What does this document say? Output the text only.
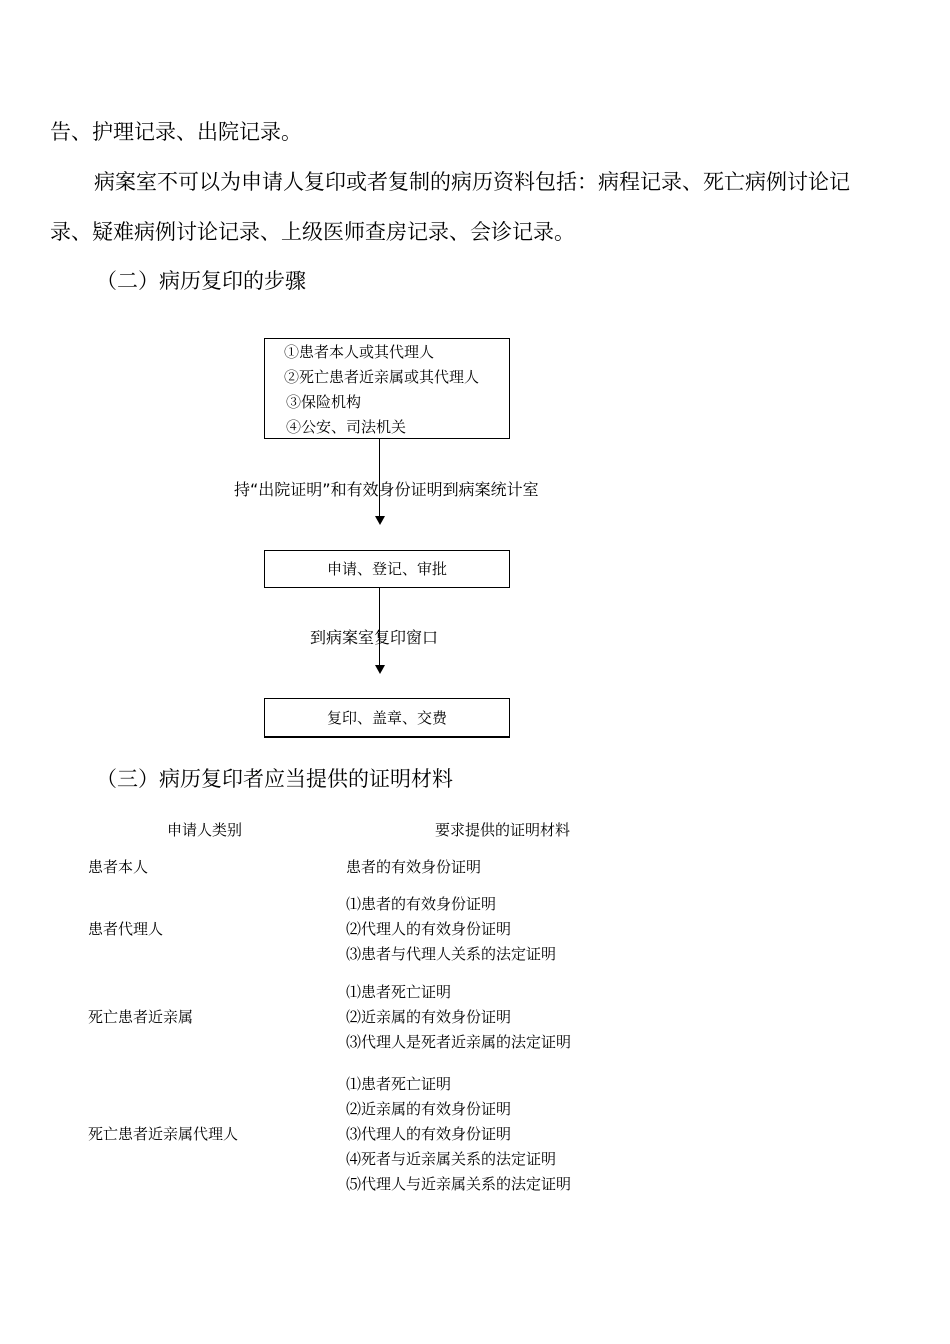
告、护理记录、出院记录。
病案室不可以为申请人复印或者复制的病历资料包括：病程记录、死亡病例讨论记
录、疑难病例讨论记录、上级医师查房记录、会诊记录。
（二）病历复印的步骤
①患者本人或其代理人
②死亡患者近亲属或其代理人
③保险机构
④公安、司法机关
持“出院证明”和有效身份证明到病案统计室
申请、登记、审批
到病案室复印窗口
复印、盖章、交费
（三）病历复印者应当提供的证明材料
申请人类别	要求提供的证明材料
患者本人	患者的有效身份证明
患者代理人
⑴患者的有效身份证明
⑵代理人的有效身份证明
⑶患者与代理人关系的法定证明
死亡患者近亲属
⑴患者死亡证明
⑵近亲属的有效身份证明
⑶代理人是死者近亲属的法定证明
死亡患者近亲属代理人
⑴患者死亡证明
⑵近亲属的有效身份证明
⑶代理人的有效身份证明
⑷死者与近亲属关系的法定证明
⑸代理人与近亲属关系的法定证明
